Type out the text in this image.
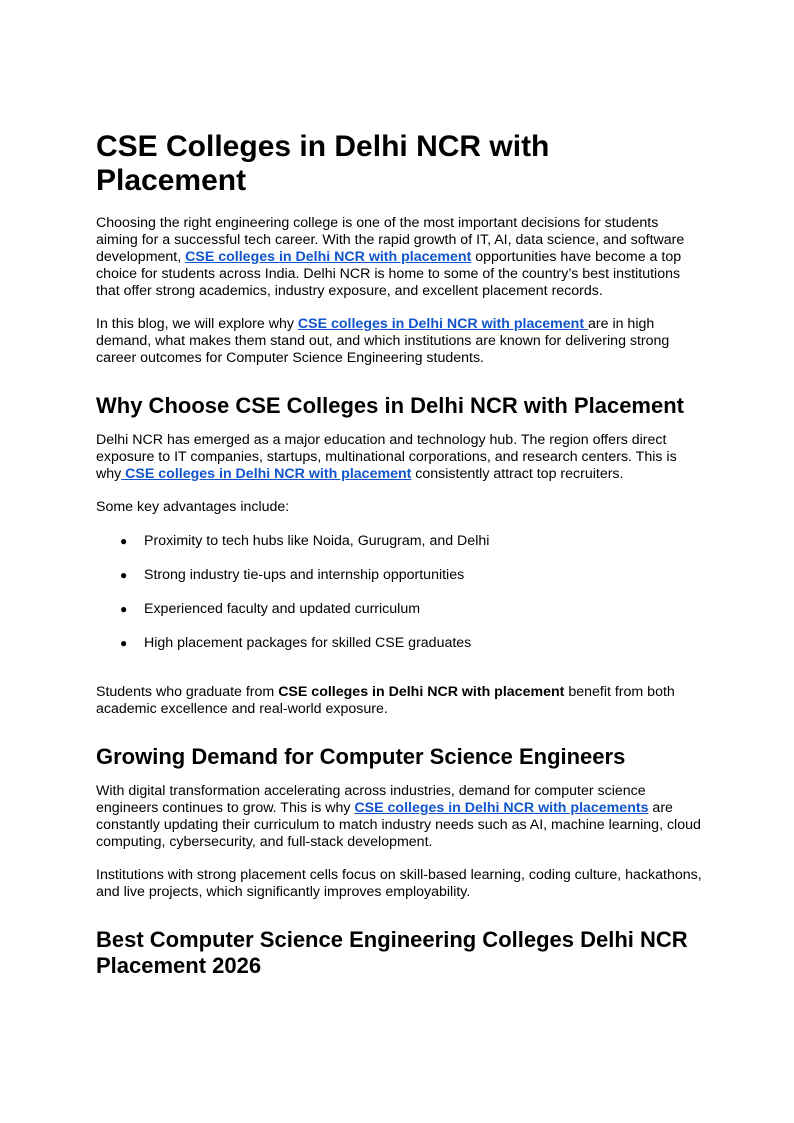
CSE Colleges in Delhi NCR with Placement

Choosing the right engineering college is one of the most important decisions for students aiming for a successful tech career. With the rapid growth of IT, AI, data science, and software development, CSE colleges in Delhi NCR with placement opportunities have become a top choice for students across India. Delhi NCR is home to some of the country’s best institutions that offer strong academics, industry exposure, and excellent placement records.

In this blog, we will explore why CSE colleges in Delhi NCR with placement are in high demand, what makes them stand out, and which institutions are known for delivering strong career outcomes for Computer Science Engineering students.

Why Choose CSE Colleges in Delhi NCR with Placement

Delhi NCR has emerged as a major education and technology hub. The region offers direct exposure to IT companies, startups, multinational corporations, and research centers. This is why CSE colleges in Delhi NCR with placement consistently attract top recruiters.

Some key advantages include:

● Proximity to tech hubs like Noida, Gurugram, and Delhi
● Strong industry tie-ups and internship opportunities
● Experienced faculty and updated curriculum
● High placement packages for skilled CSE graduates

Students who graduate from CSE colleges in Delhi NCR with placement benefit from both academic excellence and real-world exposure.

Growing Demand for Computer Science Engineers

With digital transformation accelerating across industries, demand for computer science engineers continues to grow. This is why CSE colleges in Delhi NCR with placements are constantly updating their curriculum to match industry needs such as AI, machine learning, cloud computing, cybersecurity, and full-stack development.

Institutions with strong placement cells focus on skill-based learning, coding culture, hackathons, and live projects, which significantly improves employability.

Best Computer Science Engineering Colleges Delhi NCR Placement 2026
